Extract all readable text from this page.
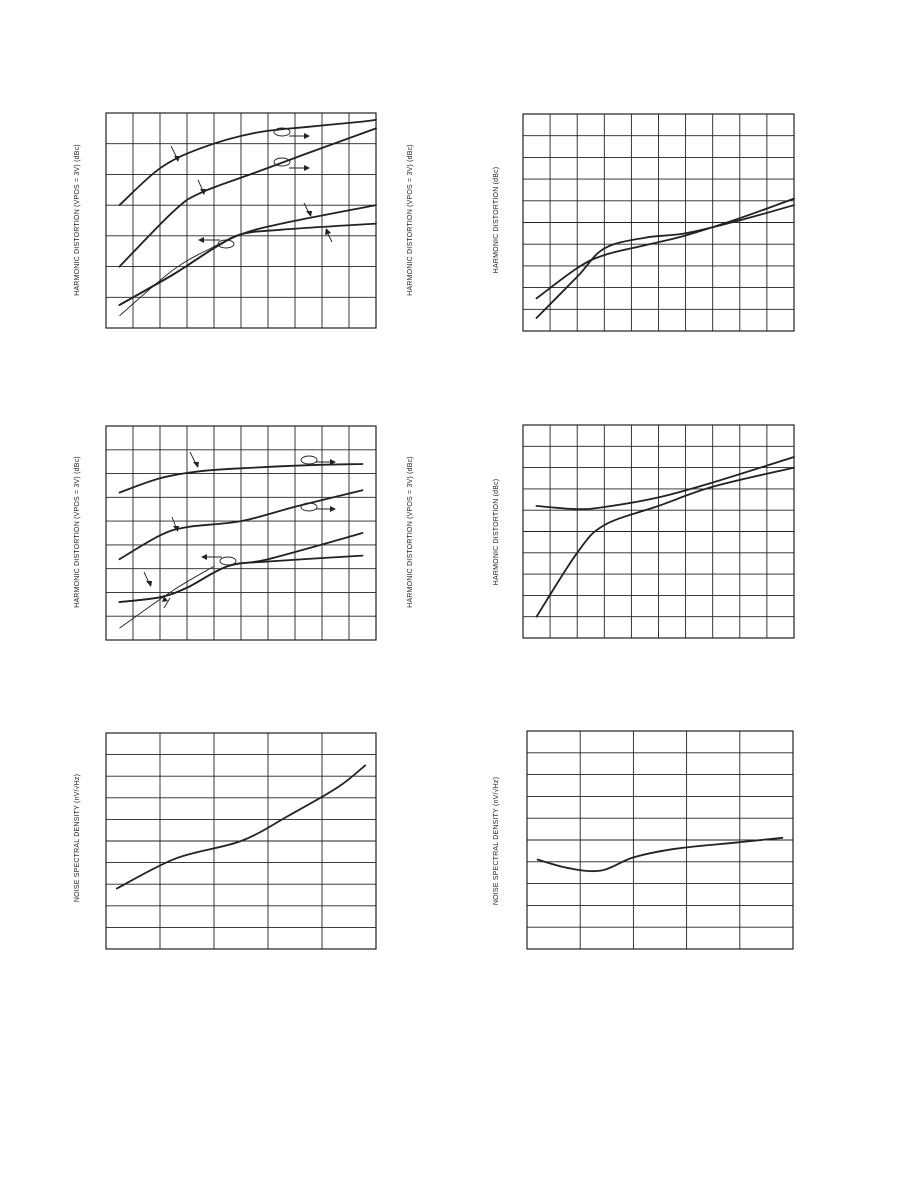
HARMONIC DISTORTION (VPOS = 3V) (dBc)	HARMONIC DISTORTION (VPOS = 3V) (dBc)	HARMONIC DISTORTION (dBc)
HARMONIC DISTORTION (VPOS = 3V) (dBc)	HARMONIC DISTORTION (VPOS = 3V) (dBc)	HARMONIC DISTORTION (dBc)
NOISE SPECTRAL DENSITY (nV/√Hz)	NOISE SPECTRAL DENSITY (nV/√Hz)
